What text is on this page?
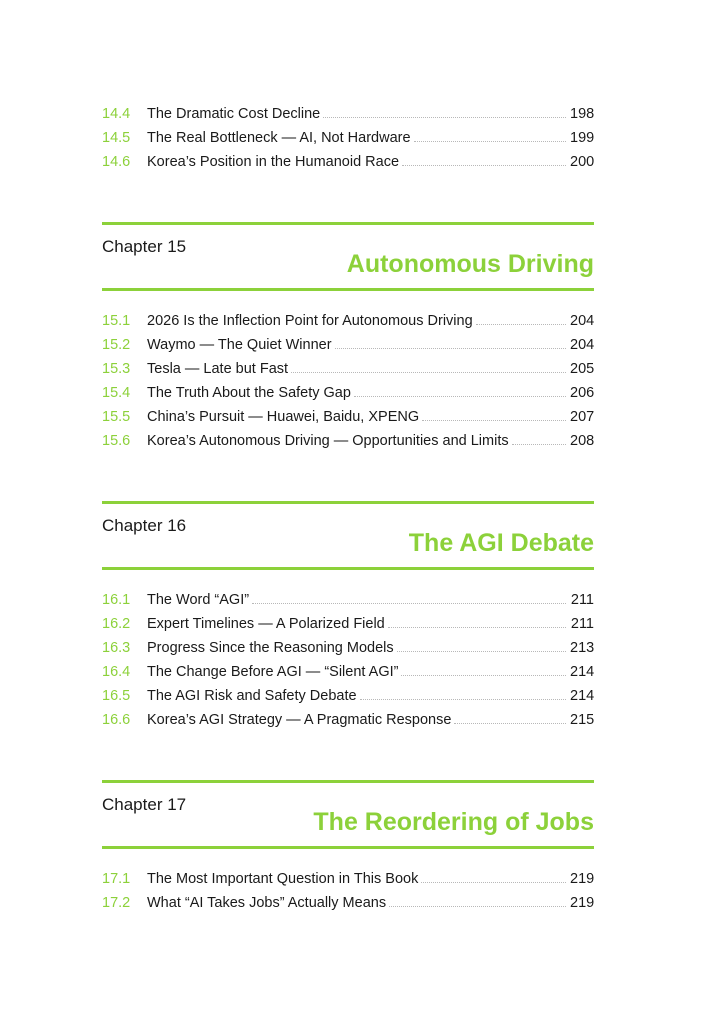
14.4	The Dramatic Cost Decline	198
14.5	The Real Bottleneck — AI, Not Hardware	199
14.6	Korea’s Position in the Humanoid Race	200
Chapter 15
Autonomous Driving
15.1	2026 Is the Inflection Point for Autonomous Driving	204
15.2	Waymo — The Quiet Winner	204
15.3	Tesla — Late but Fast	205
15.4	The Truth About the Safety Gap	206
15.5	China’s Pursuit — Huawei, Baidu, XPENG	207
15.6	Korea’s Autonomous Driving — Opportunities and Limits	208
Chapter 16
The AGI Debate
16.1	The Word “AGI”	211
16.2	Expert Timelines — A Polarized Field	211
16.3	Progress Since the Reasoning Models	213
16.4	The Change Before AGI — “Silent AGI”	214
16.5	The AGI Risk and Safety Debate	214
16.6	Korea’s AGI Strategy — A Pragmatic Response	215
Chapter 17
The Reordering of Jobs
17.1	The Most Important Question in This Book	219
17.2	What “AI Takes Jobs” Actually Means	219
